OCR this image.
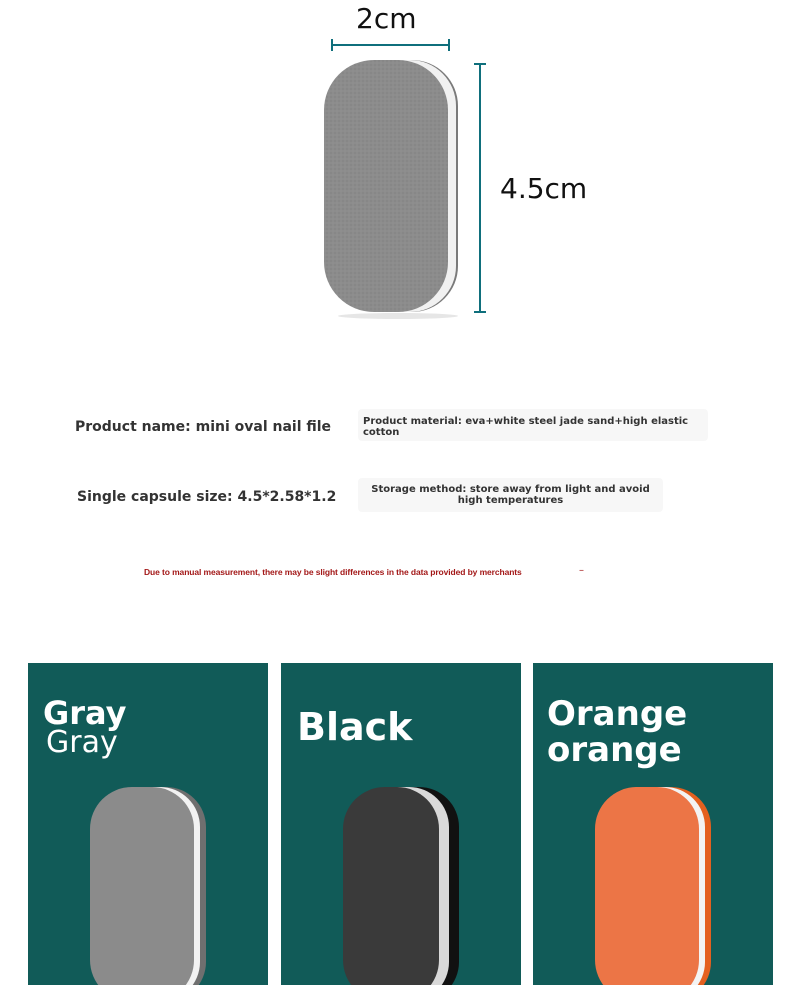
2cm
4.5cm
Product name: mini oval nail file	Product material: eva+white steel jade sand+high elastic cotton
Single capsule size: 4.5*2.58*1.2	Storage method: store away from light and avoid high temperatures
Due to manual measurement, there may be slight differences in the data provided by merchants	–
Gray
Gray	Black	Orange
orange
